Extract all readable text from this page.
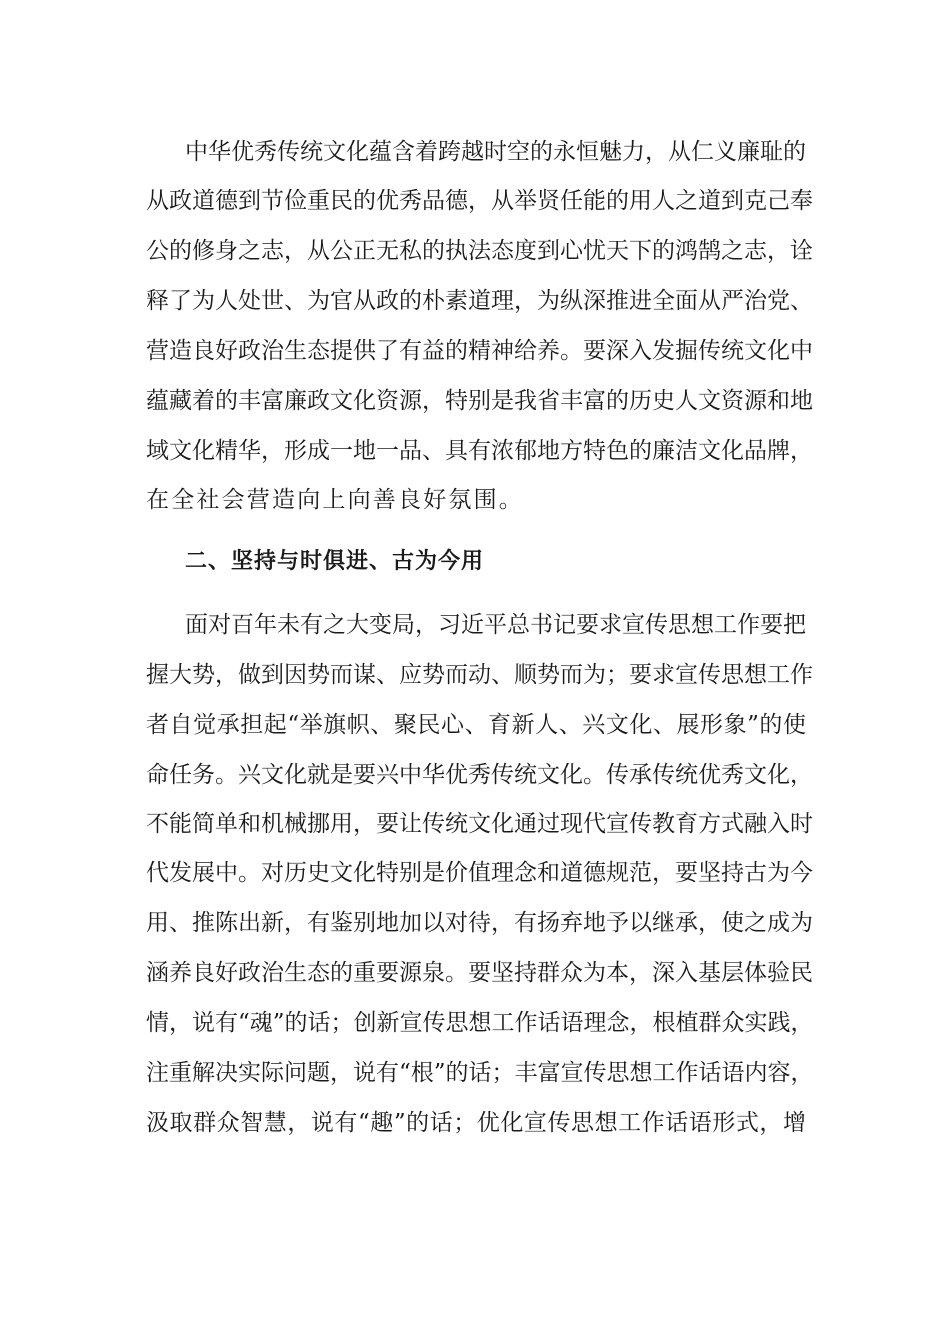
中华优秀传统文化蕴含着跨越时空的永恒魅力，从仁义廉耻的
从政道德到节俭重民的优秀品德，从举贤任能的用人之道到克己奉
公的修身之志，从公正无私的执法态度到心忧天下的鸿鹄之志，诠
释了为人处世、为官从政的朴素道理，为纵深推进全面从严治党、
营造良好政治生态提供了有益的精神给养。要深入发掘传统文化中
蕴藏着的丰富廉政文化资源，特别是我省丰富的历史人文资源和地
域文化精华，形成一地一品、具有浓郁地方特色的廉洁文化品牌，
在全社会营造向上向善良好氛围。
二、坚持与时俱进、古为今用
面对百年未有之大变局，习近平总书记要求宣传思想工作要把
握大势，做到因势而谋、应势而动、顺势而为；要求宣传思想工作
者自觉承担起“举旗帜、聚民心、育新人、兴文化、展形象”的使
命任务。兴文化就是要兴中华优秀传统文化。传承传统优秀文化，
不能简单和机械挪用，要让传统文化通过现代宣传教育方式融入时
代发展中。对历史文化特别是价值理念和道德规范，要坚持古为今
用、推陈出新，有鉴别地加以对待，有扬弃地予以继承，使之成为
涵养良好政治生态的重要源泉。要坚持群众为本，深入基层体验民
情，说有“魂”的话；创新宣传思想工作话语理念，根植群众实践，
注重解决实际问题，说有“根”的话；丰富宣传思想工作话语内容，
汲取群众智慧，说有“趣”的话；优化宣传思想工作话语形式，增
